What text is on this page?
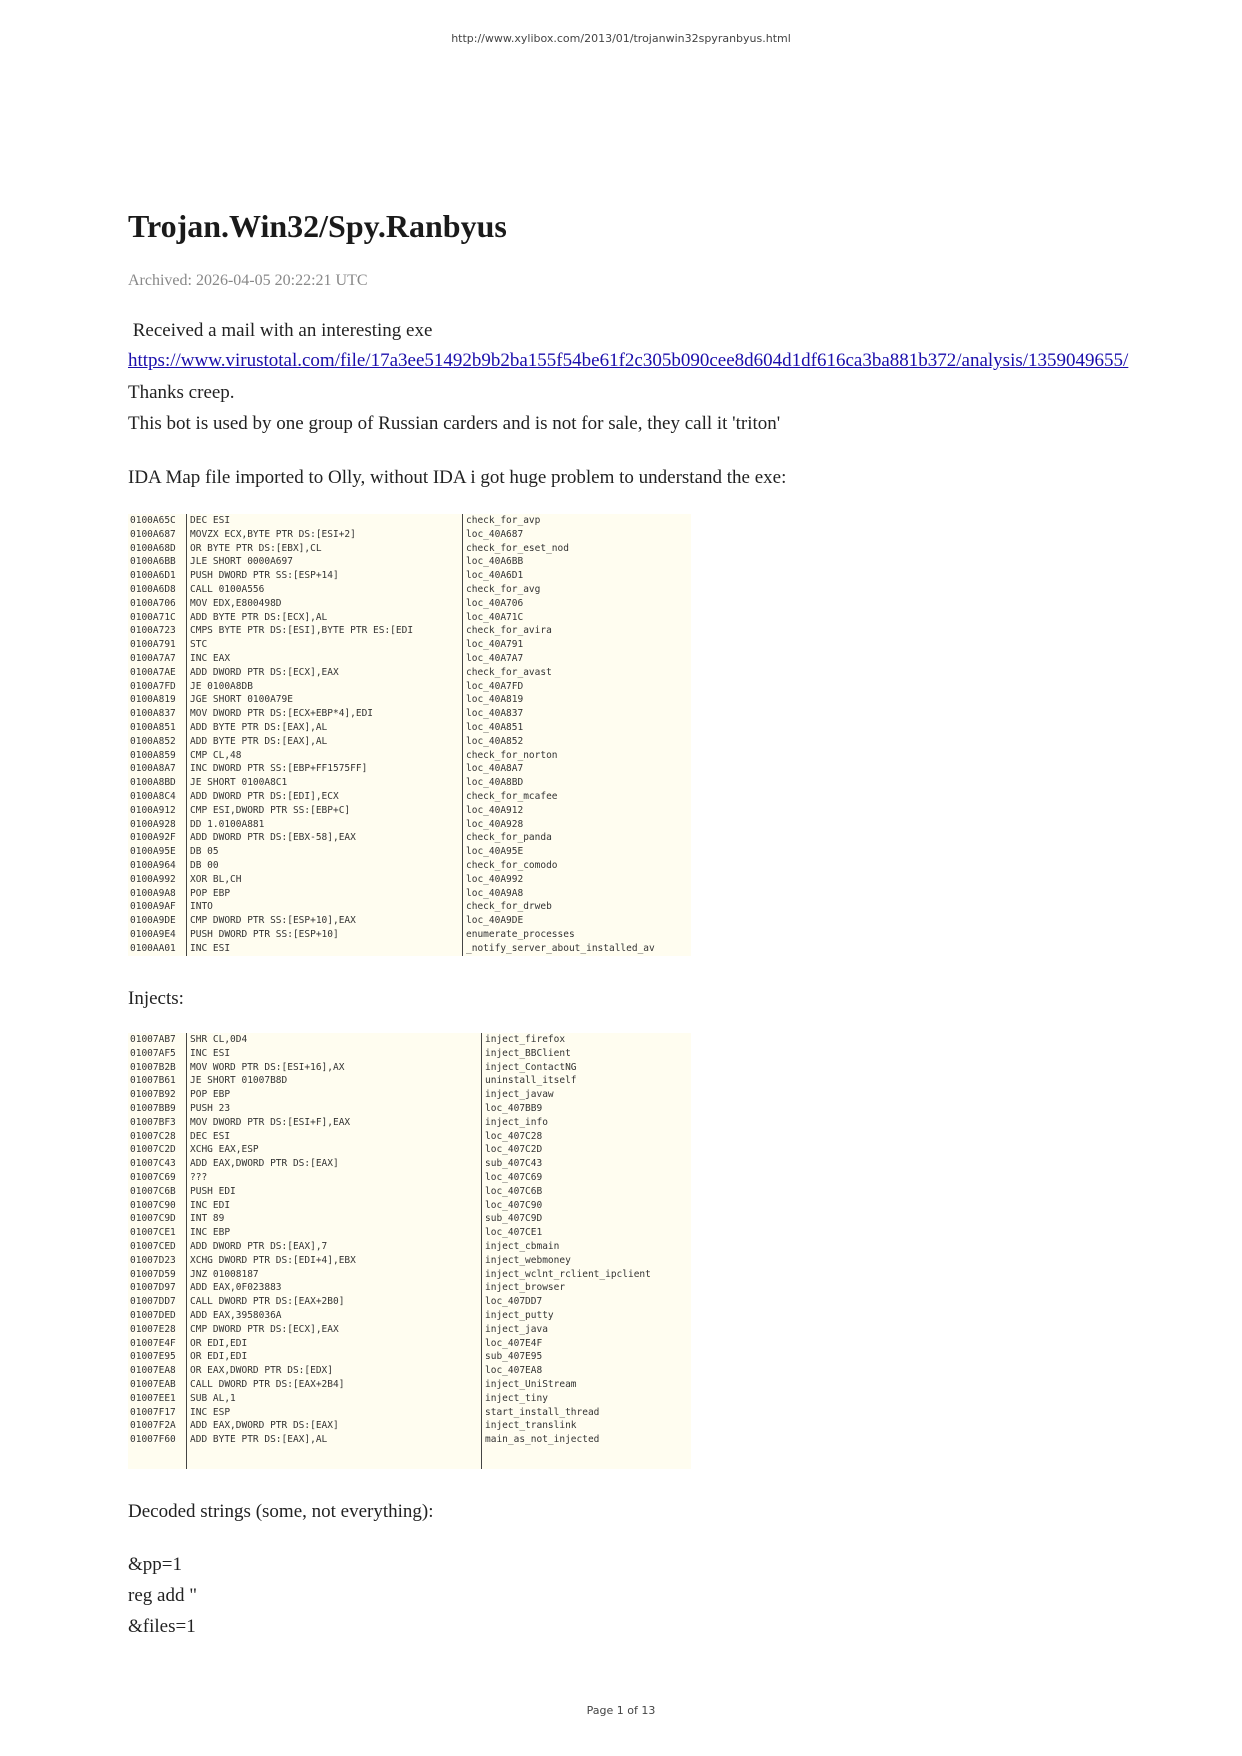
http://www.xylibox.com/2013/01/trojanwin32spyranbyus.html
Trojan.Win32/Spy.Ranbyus
Archived: 2026-04-05 20:22:21 UTC
Received a mail with an interesting exe
https://www.virustotal.com/file/17a3ee51492b9b2ba155f54be61f2c305b090cee8d604d1df616ca3ba881b372/analysis/1359049655/
Thanks creep.
This bot is used by one group of Russian carders and is not for sale, they call it 'triton'
IDA Map file imported to Olly, without IDA i got huge problem to understand the exe:
0100A65C DEC ESI	check_for_avp
0100A687 MOVZX ECX,BYTE PTR DS:[ESI+2]	loc_40A687
0100A68D OR BYTE PTR DS:[EBX],CL	check_for_eset_nod
0100A6BB JLE SHORT 0000A697	loc_40A6BB
0100A6D1 PUSH DWORD PTR SS:[ESP+14]	loc_40A6D1
0100A6D8 CALL 0100A556	check_for_avg
0100A706 MOV EDX,E800498D	loc_40A706
0100A71C ADD BYTE PTR DS:[ECX],AL	loc_40A71C
0100A723 CMPS BYTE PTR DS:[ESI],BYTE PTR ES:[EDI	check_for_avira
0100A791 STC	loc_40A791
0100A7A7 INC EAX	loc_40A7A7
0100A7AE ADD DWORD PTR DS:[ECX],EAX	check_for_avast
0100A7FD JE 0100A8DB	loc_40A7FD
0100A819 JGE SHORT 0100A79E	loc_40A819
0100A837 MOV DWORD PTR DS:[ECX+EBP*4],EDI	loc_40A837
0100A851 ADD BYTE PTR DS:[EAX],AL	loc_40A851
0100A852 ADD BYTE PTR DS:[EAX],AL	loc_40A852
0100A859 CMP CL,48	check_for_norton
0100A8A7 INC DWORD PTR SS:[EBP+FF1575FF]	loc_40A8A7
0100A8BD JE SHORT 0100A8C1	loc_40A8BD
0100A8C4 ADD DWORD PTR DS:[EDI],ECX	check_for_mcafee
0100A912 CMP ESI,DWORD PTR SS:[EBP+C]	loc_40A912
0100A928 DD 1.0100A881	loc_40A928
0100A92F ADD DWORD PTR DS:[EBX-58],EAX	check_for_panda
0100A95E DB 05	loc_40A95E
0100A964 DB 00	check_for_comodo
0100A992 XOR BL,CH	loc_40A992
0100A9A8 POP EBP	loc_40A9A8
0100A9AF INTO	check_for_drweb
0100A9DE CMP DWORD PTR SS:[ESP+10],EAX	loc_40A9DE
0100A9E4 PUSH DWORD PTR SS:[ESP+10]	enumerate_processes
0100AA01 INC ESI	_notify_server_about_installed_av
Injects:
01007AB7 SHR CL,0D4	inject_firefox
01007AF5 INC ESI	inject_BBClient
01007B2B MOV WORD PTR DS:[ESI+16],AX	inject_ContactNG
01007B61 JE SHORT 01007B8D	uninstall_itself
01007B92 POP EBP	inject_javaw
01007BB9 PUSH 23	loc_407BB9
01007BF3 MOV DWORD PTR DS:[ESI+F],EAX	inject_info
01007C28 DEC ESI	loc_407C28
01007C2D XCHG EAX,ESP	loc_407C2D
01007C43 ADD EAX,DWORD PTR DS:[EAX]	sub_407C43
01007C69 ???	loc_407C69
01007C6B PUSH EDI	loc_407C6B
01007C90 INC EDI	loc_407C90
01007C9D INT 89	sub_407C9D
01007CE1 INC EBP	loc_407CE1
01007CED ADD DWORD PTR DS:[EAX],7	inject_cbmain
01007D23 XCHG DWORD PTR DS:[EDI+4],EBX	inject_webmoney
01007D59 JNZ 01008187	inject_wclnt_rclient_ipclient
01007D97 ADD EAX,0F023883	inject_browser
01007DD7 CALL DWORD PTR DS:[EAX+2B0]	loc_407DD7
01007DED ADD EAX,3958036A	inject_putty
01007E28 CMP DWORD PTR DS:[ECX],EAX	inject_java
01007E4F OR EDI,EDI	loc_407E4F
01007E95 OR EDI,EDI	sub_407E95
01007EA8 OR EAX,DWORD PTR DS:[EDX]	loc_407EA8
01007EAB CALL DWORD PTR DS:[EAX+2B4]	inject_UniStream
01007EE1 SUB AL,1	inject_tiny
01007F17 INC ESP	start_install_thread
01007F2A ADD EAX,DWORD PTR DS:[EAX]	inject_translink
01007F60 ADD BYTE PTR DS:[EAX],AL	main_as_not_injected
Decoded strings (some, not everything):
&pp=1
reg add "
&files=1
Page 1 of 13
